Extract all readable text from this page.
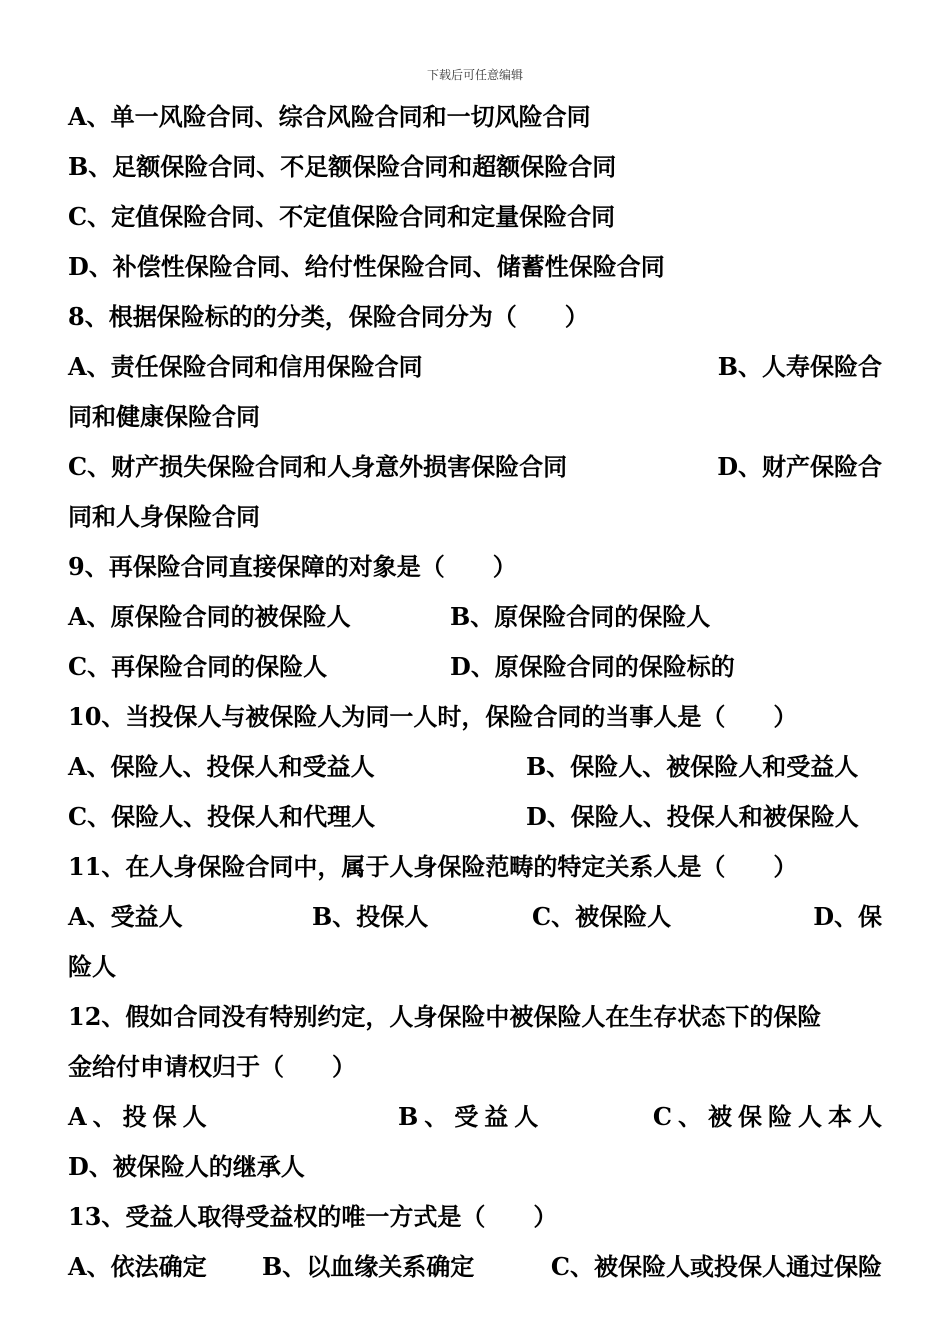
下载后可任意编辑
A、单一风险合同、综合风险合同和一切风险合同
B、足额保险合同、不足额保险合同和超额保险合同
C、定值保险合同、不定值保险合同和定量保险合同
D、补偿性保险合同、给付性保险合同、储蓄性保险合同
8、根据保险标的的分类，保险合同分为（　　）
A、责任保险合同和信用保险合同	B、人寿保险合
同和健康保险合同
C、财产损失保险合同和人身意外损害保险合同	D、财产保险合
同和人身保险合同
9、再保险合同直接保障的对象是（　　）
A、原保险合同的被保险人	B、原保险合同的保险人
C、再保险合同的保险人	D、原保险合同的保险标的
10、当投保人与被保险人为同一人时，保险合同的当事人是（　　）
A、保险人、投保人和受益人	B、保险人、被保险人和受益人
C、保险人、投保人和代理人	D、保险人、投保人和被保险人
11、在人身保险合同中，属于人身保险范畴的特定关系人是（　　）
A、受益人	B、投保人	C、被保险人	D、保
险人
12、假如合同没有特别约定，人身保险中被保险人在生存状态下的保险
金给付申请权归于（　　）
A、投保人	B、受益人	C、被保险人本人
D、被保险人的继承人
13、受益人取得受益权的唯一方式是（　　）
A、依法确定 B、以血缘关系确定	C、被保险人或投保人通过保险
